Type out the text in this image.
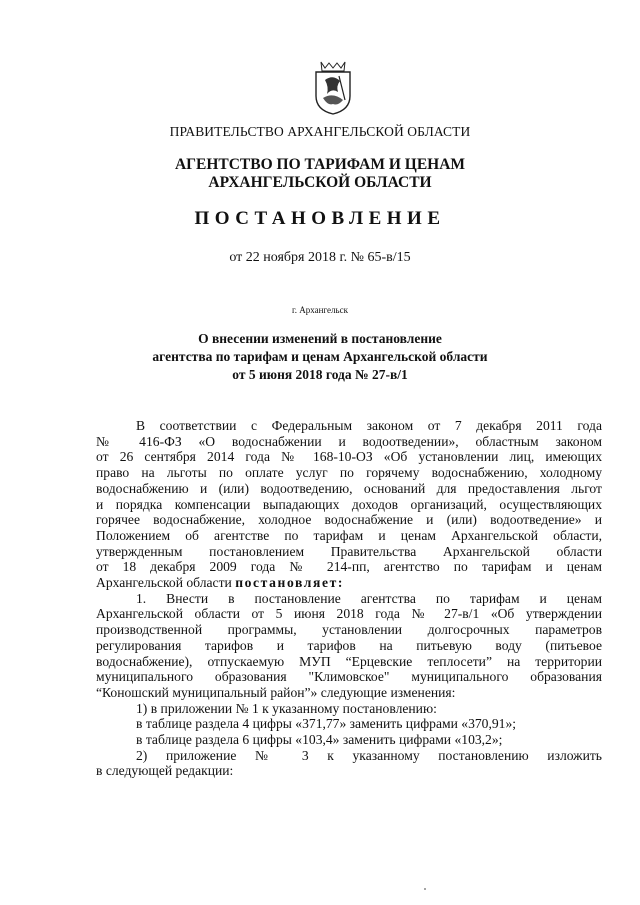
ПРАВИТЕЛЬСТВО АРХАНГЕЛЬСКОЙ ОБЛАСТИ
АГЕНТСТВО ПО ТАРИФАМ И ЦЕНАМ
АРХАНГЕЛЬСКОЙ ОБЛАСТИ
ПОСТАНОВЛЕНИЕ
от 22 ноября 2018 г. № 65-в/15
г. Архангельск
О внесении изменений в постановление
агентства по тарифам и ценам Архангельской области
от 5 июня 2018 года № 27-в/1
В соответствии с Федеральным законом от 7 декабря 2011 года
№ 416-ФЗ «О водоснабжении и водоотведении», областным законом
от 26 сентября 2014 года № 168-10-ОЗ «Об установлении лиц, имеющих
право на льготы по оплате услуг по горячему водоснабжению, холодному
водоснабжению и (или) водоотведению, оснований для предоставления льгот
и порядка компенсации выпадающих доходов организаций, осуществляющих
горячее водоснабжение, холодное водоснабжение и (или) водоотведение» и
Положением об агентстве по тарифам и ценам Архангельской области,
утвержденным постановлением Правительства Архангельской области
от 18 декабря 2009 года № 214-пп, агентство по тарифам и ценам
Архангельской области постановляет:
1. Внести в постановление агентства по тарифам и ценам
Архангельской области от 5 июня 2018 года № 27-в/1 «Об утверждении
производственной программы, установлении долгосрочных параметров
регулирования тарифов и тарифов на питьевую воду (питьевое
водоснабжение), отпускаемую МУП “Ерцевские теплосети” на территории
муниципального образования "Климовское" муниципального образования
“Коношский муниципальный район”» следующие изменения:
1) в приложении № 1 к указанному постановлению:
в таблице раздела 4 цифры «371,77» заменить цифрами «370,91»;
в таблице раздела 6 цифры «103,4» заменить цифрами «103,2»;
2) приложение № 3 к указанному постановлению изложить
в следующей редакции:
